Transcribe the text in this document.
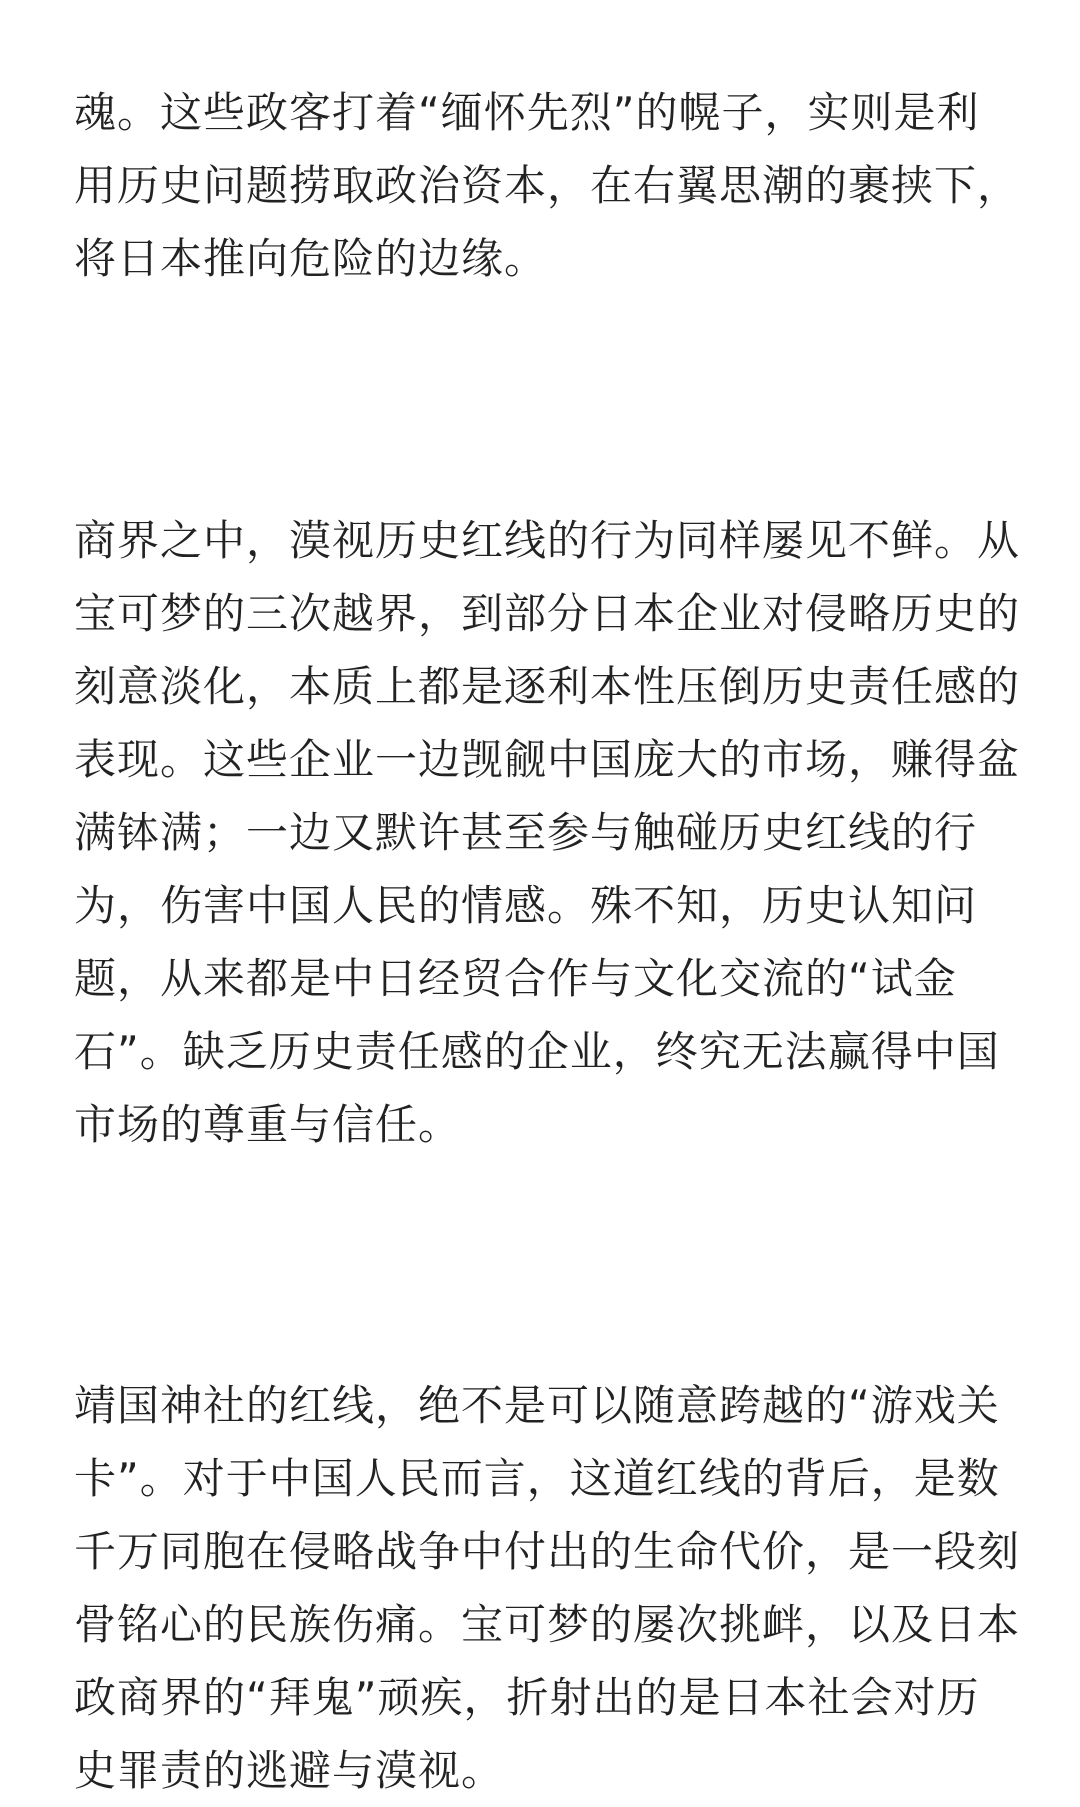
魂。这些政客打着“缅怀先烈”的幌子，实则是利
用历史问题捞取政治资本，在右翼思潮的裹挟下，
将日本推向危险的边缘。

商界之中，漠视历史红线的行为同样屡见不鲜。从
宝可梦的三次越界，到部分日本企业对侵略历史的
刻意淡化，本质上都是逐利本性压倒历史责任感的
表现。这些企业一边觊觎中国庞大的市场，赚得盆
满钵满；一边又默许甚至参与触碰历史红线的行
为，伤害中国人民的情感。殊不知，历史认知问
题，从来都是中日经贸合作与文化交流的“试金
石”。缺乏历史责任感的企业，终究无法赢得中国
市场的尊重与信任。

靖国神社的红线，绝不是可以随意跨越的“游戏关
卡”。对于中国人民而言，这道红线的背后，是数
千万同胞在侵略战争中付出的生命代价，是一段刻
骨铭心的民族伤痛。宝可梦的屡次挑衅，以及日本
政商界的“拜鬼”顽疾，折射出的是日本社会对历
史罪责的逃避与漠视。
